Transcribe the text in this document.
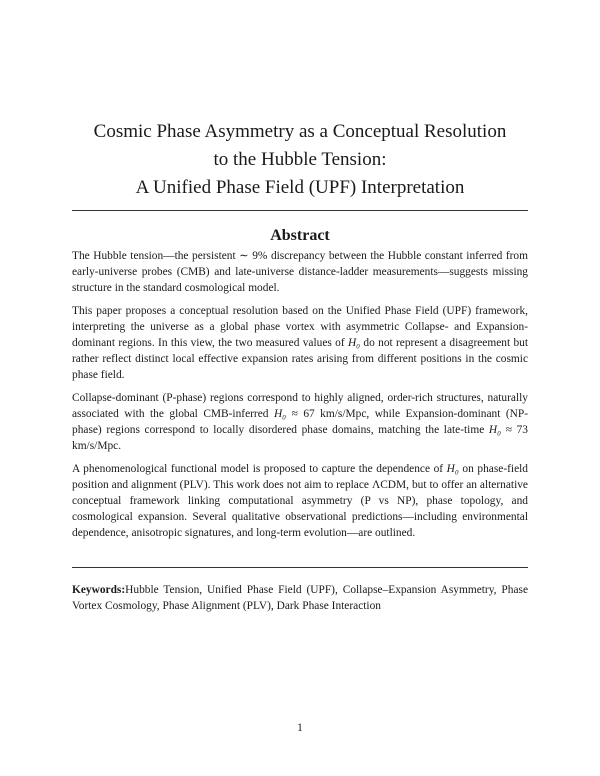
Cosmic Phase Asymmetry as a Conceptual Resolution
to the Hubble Tension:
A Unified Phase Field (UPF) Interpretation
Abstract

The Hubble tension—the persistent ∼ 9% discrepancy between the Hubble constant inferred from early-universe probes (CMB) and late-universe distance-ladder measurements—suggests missing structure in the standard cosmological model.

This paper proposes a conceptual resolution based on the Unified Phase Field (UPF) framework, interpreting the universe as a global phase vortex with asymmetric Collapse- and Expansion-dominant regions. In this view, the two measured values of H₀ do not represent a disagreement but rather reflect distinct local effective expansion rates arising from different positions in the cosmic phase field.

Collapse-dominant (P-phase) regions correspond to highly aligned, order-rich structures, naturally associated with the global CMB-inferred H₀ ≈ 67 km/s/Mpc, while Expansion-dominant (NP-phase) regions correspond to locally disordered phase domains, matching the late-time H₀ ≈ 73 km/s/Mpc.

A phenomenological functional model is proposed to capture the dependence of H₀ on phase-field position and alignment (PLV). This work does not aim to replace ΛCDM, but to offer an alternative conceptual framework linking computational asymmetry (P vs NP), phase topology, and cosmological expansion. Several qualitative observational predictions—including environmental dependence, anisotropic signatures, and long-term evolution—are outlined.

Keywords:Hubble Tension, Unified Phase Field (UPF), Collapse–Expansion Asymmetry, Phase Vortex Cosmology, Phase Alignment (PLV), Dark Phase Interaction
1
